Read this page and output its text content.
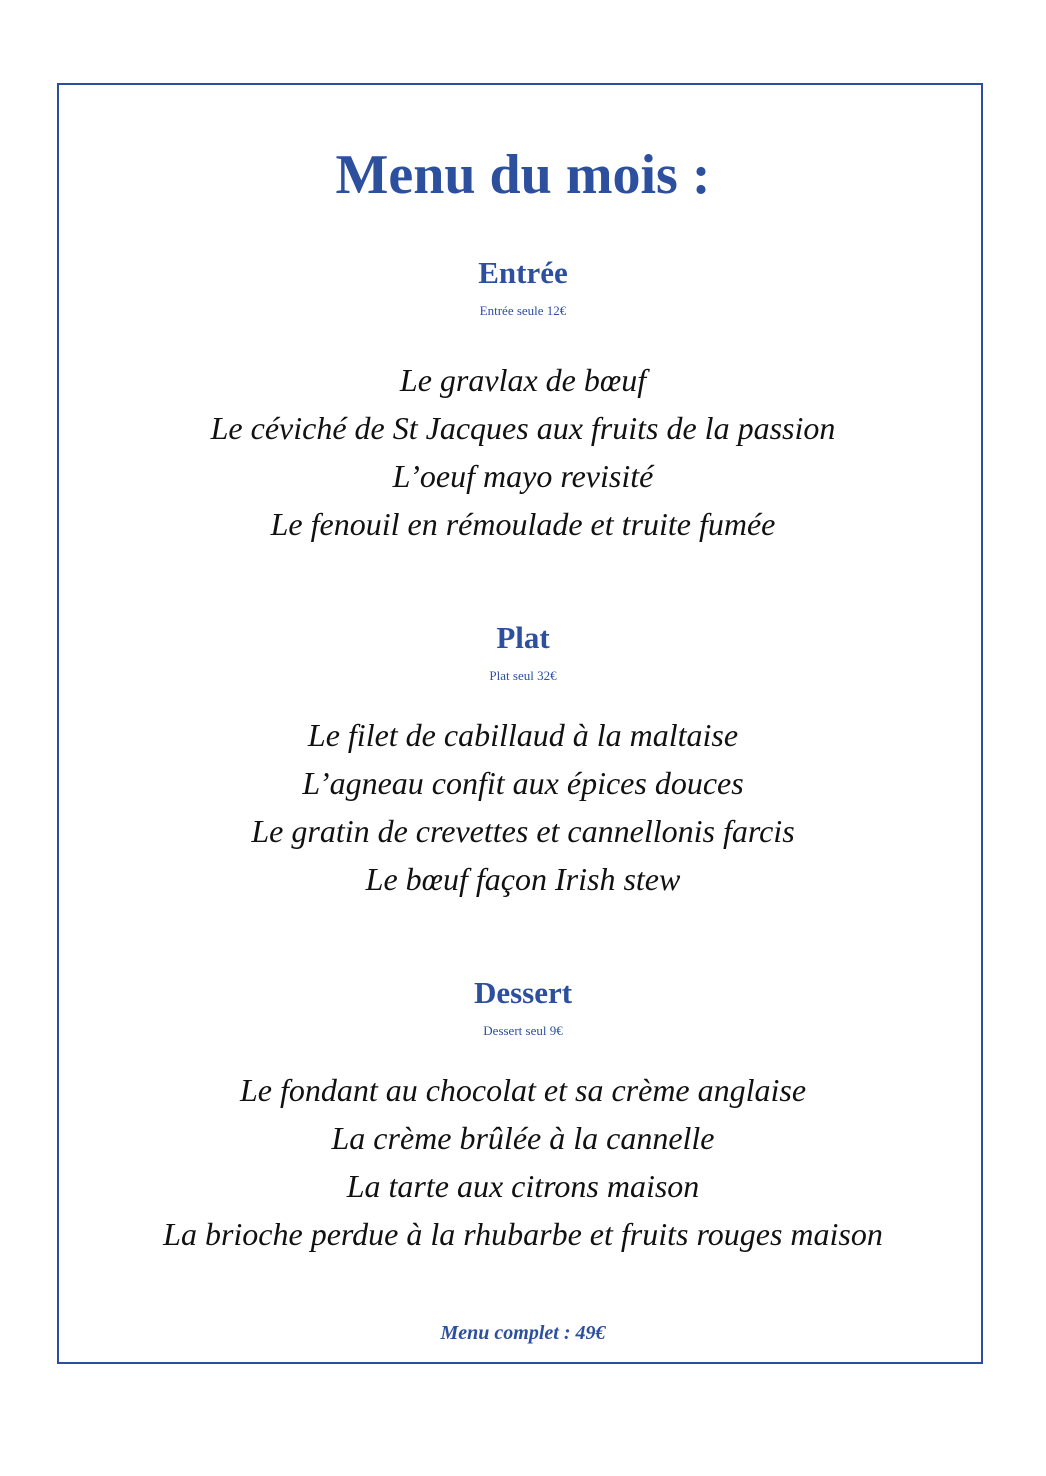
Menu du mois :
Entrée

Entrée seule 12€

Le gravlax de bœuf
Le céviché de St Jacques aux fruits de la passion
L’oeuf mayo revisité
Le fenouil en rémoulade et truite fumée
Plat

Plat seul 32€

Le filet de cabillaud à la maltaise
L’agneau confit aux épices douces
Le gratin de crevettes et cannellonis farcis
Le bœuf façon Irish stew
Dessert

Dessert seul 9€

Le fondant au chocolat et sa crème anglaise
La crème brûlée à la cannelle
La tarte aux citrons maison
La brioche perdue à la rhubarbe et fruits rouges maison

Menu complet : 49€
